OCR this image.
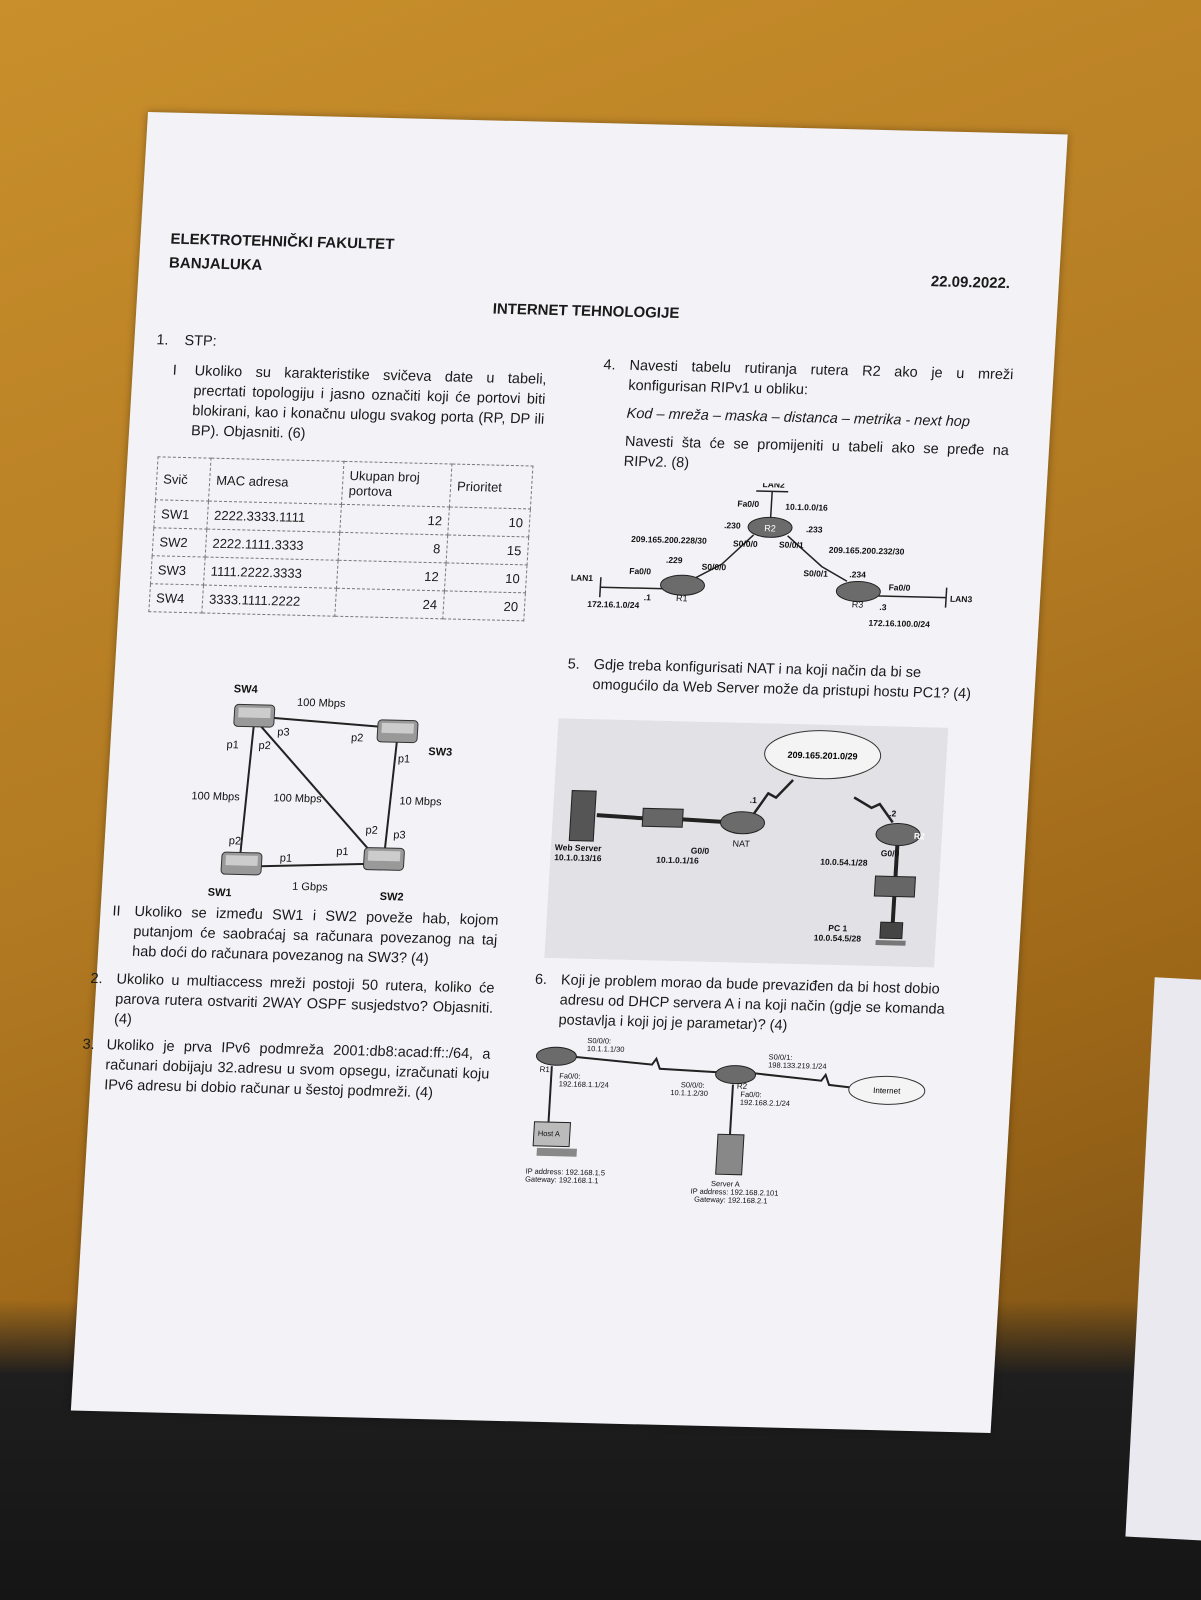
ELEKTROTEHNIČKI FAKULTET
BANJALUKA
22.09.2022.
INTERNET TEHNOLOGIJE
1. STP:
I Ukoliko su karakteristike svičeva date u tabeli, precrtati topologiju i jasno označiti koji će portovi biti blokirani, kao i konačnu ulogu svakog porta (RP, DP ili BP). Objasniti. (6)
Svič	MAC adresa	Ukupan broj portova	Prioritet
SW1	2222.3333.1111	12	10
SW2	2222.1111.3333	8	15
SW3	1111.2222.3333	12	10
SW4	3333.1111.2222	24	20
SW4
SW3
SW1	SW2
100 Mbps
100 Mbps	100 Mbps	10 Mbps
1 Gbps
p3
p1 p2
p2
p1
p2 p3
p1
p2
p1
II Ukoliko se između SW1 i SW2 poveže hab, kojom putanjom će saobraćaj sa računara povezanog na taj hab doći do računara povezanog na SW3? (4)
2. Ukoliko u multiaccess mreži postoji 50 rutera, koliko će parova rutera ostvariti 2WAY OSPF susjedstvo? Objasniti. (4)
3. Ukoliko je prva IPv6 podmreža 2001:db8:acad:ff::/64, a računari dobijaju 32.adresu u svom opsegu, izračunati koju IPv6 adresu bi dobio računar u šestoj podmreži. (4)
4. Navesti tabelu rutiranja rutera R2 ako je u mreži konfigurisan RIPv1 u obliku:
Kod – mreža – maska – distanca – metrika - next hop
Navesti šta će se promijeniti u tabeli ako se pređe na RIPv2. (8)
R2
R1
R3
LAN2
Fa0/0	10.1.0.0/16
.230	.233
209.165.200.228/30	S0/0/0 S0/0/1	209.165.200.232/30
.229
S0/0/0
Fa0/0
LAN1	S0/0/1 .234
Fa0/0
.1
172.16.1.0/24	.3
LAN3
172.16.100.0/24
5. Gdje treba konfigurisati NAT i na koji način da bi se omogućilo da Web Server može da pristupi hostu PC1? (4)
209.165.201.0/29
NAT
Web Server
10.1.0.13/16
G0/0
10.1.0.1/16
.1
.2
R2
G0/0
10.0.54.1/28
PC 1
10.0.54.5/28
6. Koji je problem morao da bude prevaziđen da bi host dobio adresu od DHCP servera A i na koji način (gdje se komanda postavlja i koji joj je parametar)? (4)
R1
R2	Internet
S0/0/0:
10.1.1.1/30
Fa0/0:
192.168.1.1/24	S0/0/0:
10.1.1.2/30
S0/0/1:
198.133.219.1/24
Fa0/0:
192.168.2.1/24
Host A
IP address: 192.168.1.5
Gateway: 192.168.1.1	Server A
IP address: 192.168.2.101
Gateway: 192.168.2.1
